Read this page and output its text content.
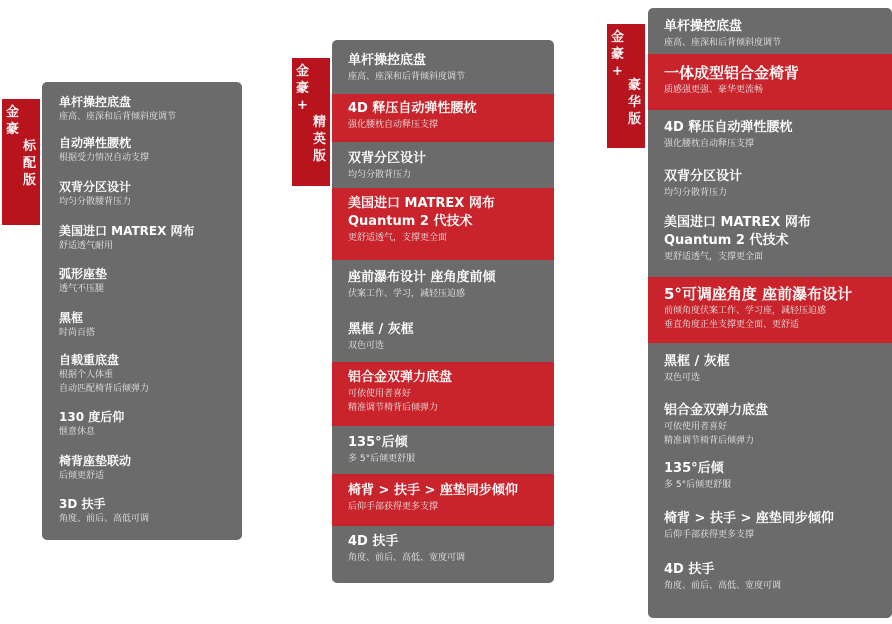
金
豪
标
配
版
单杆操控底盘
座高、座深和后背倾斜度调节
自动弹性腰枕
根据受力情况自动支撑
双背分区设计
均匀分散腰背压力
美国进口 MATREX 网布
舒适透气耐用
弧形座垫
透气不压腿
黑框
时尚百搭
自载重底盘
根据个人体重
自动匹配椅背后倾弹力
130 度后仰
惬意休息
椅背座垫联动
后倾更舒适
3D 扶手
角度、前后、高低可调
金
豪
+
精
英
版
单杆操控底盘
座高、座深和后背倾斜度调节
4D 释压自动弹性腰枕
强化腰枕自动释压支撑
双背分区设计
均匀分散背压力
美国进口 MATREX 网布
Quantum 2 代技术
更舒适透气，支撑更全面
座前瀑布设计 座角度前倾
伏案工作、学习，减轻压迫感
黑框 / 灰框
双色可选
铝合金双弹力底盘
可依使用者喜好
精准调节椅背后倾弹力
135°后倾
多 5°后倾更舒服
椅背 > 扶手 > 座垫同步倾仰
后仰手部获得更多支撑
4D 扶手
角度、前后、高低、宽度可调
金
豪
+
豪
华
版
单杆操控底盘
座高、座深和后背倾斜度调节
一体成型铝合金椅背
质感强更强、豪华更流畅
4D 释压自动弹性腰枕
强化腰枕自动释压支撑
双背分区设计
均匀分散背压力
美国进口 MATREX 网布
Quantum 2 代技术
更舒适透气，支撑更全面
5°可调座角度 座前瀑布设计
前倾角度伏案工作、学习座，减轻压迫感
垂直角度正坐支撑更全面、更舒适
黑框 / 灰框
双色可选
铝合金双弹力底盘
可依使用者喜好
精准调节椅背后倾弹力
135°后倾
多 5°后倾更舒服
椅背 > 扶手 > 座垫同步倾仰
后仰手部获得更多支撑
4D 扶手
角度、前后、高低、宽度可调
